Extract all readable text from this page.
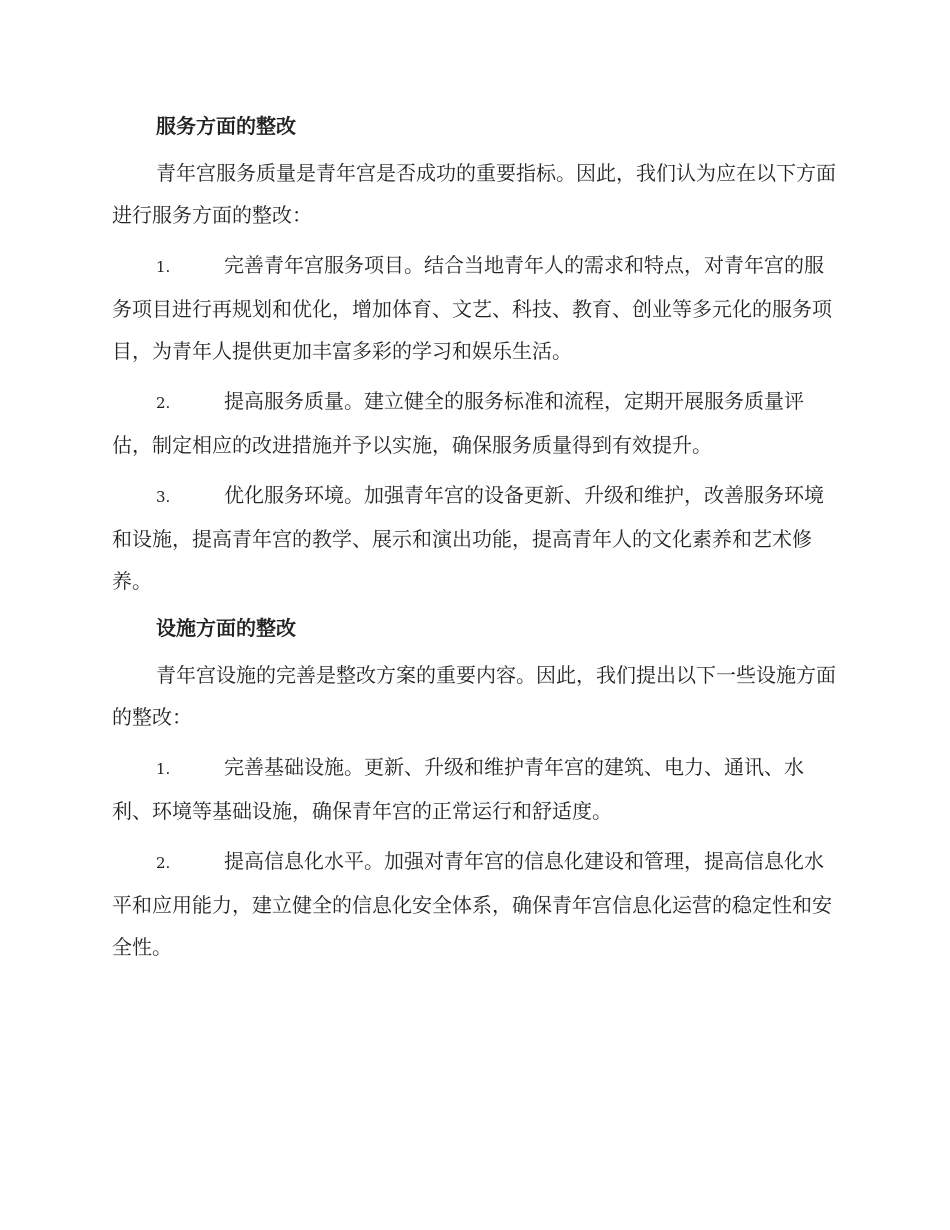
服务方面的整改
青年宫服务质量是青年宫是否成功的重要指标。因此，我们认为应在以下方面进行服务方面的整改：
1.	完善青年宫服务项目。结合当地青年人的需求和特点，对青年宫的服务项目进行再规划和优化，增加体育、文艺、科技、教育、创业等多元化的服务项目，为青年人提供更加丰富多彩的学习和娱乐生活。
2.	提高服务质量。建立健全的服务标准和流程，定期开展服务质量评估，制定相应的改进措施并予以实施，确保服务质量得到有效提升。
3.	优化服务环境。加强青年宫的设备更新、升级和维护，改善服务环境和设施，提高青年宫的教学、展示和演出功能，提高青年人的文化素养和艺术修养。
设施方面的整改
青年宫设施的完善是整改方案的重要内容。因此，我们提出以下一些设施方面的整改：
1.	完善基础设施。更新、升级和维护青年宫的建筑、电力、通讯、水利、环境等基础设施，确保青年宫的正常运行和舒适度。
2.	提高信息化水平。加强对青年宫的信息化建设和管理，提高信息化水平和应用能力，建立健全的信息化安全体系，确保青年宫信息化运营的稳定性和安全性。
